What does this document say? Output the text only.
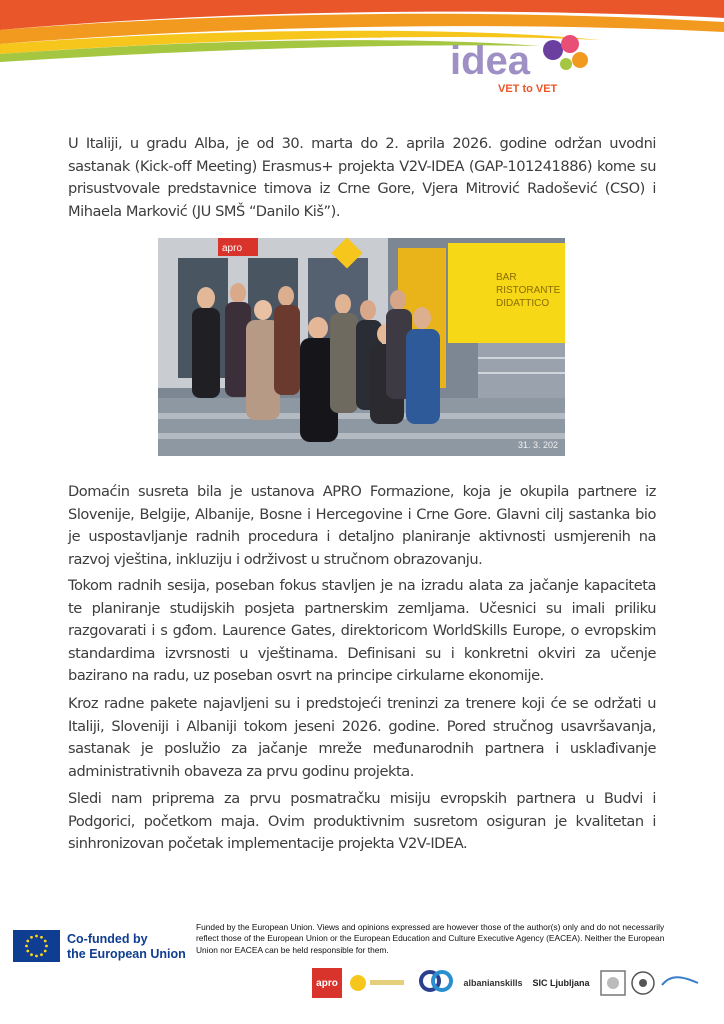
idea
VET to VET

U Italiji, u gradu Alba, je od 30. marta do 2. aprila 2026. godine održan uvodni sastanak (Kick-off Meeting) Erasmus+ projekta V2V-IDEA (GAP-101241886) kome su prisustvovale predstavnice timova iz Crne Gore, Vjera Mitrović Radošević (CSO) i Mihaela Marković (JU SMŠ “Danilo Kiš”).

apro
BAR
RISTORANTE
DIDATTICO
31. 3. 202

Domaćin susreta bila je ustanova APRO Formazione, koja je okupila partnere iz Slovenije, Belgije, Albanije, Bosne i Hercegovine i Crne Gore. Glavni cilj sastanka bio je uspostavljanje radnih procedura i detaljno planiranje aktivnosti usmjerenih na razvoj vještina, inkluziju i održivost u stručnom obrazovanju.

Tokom radnih sesija, poseban fokus stavljen je na izradu alata za jačanje kapaciteta te planiranje studijskih posjeta partnerskim zemljama. Učesnici su imali priliku razgovarati i s gđom. Laurence Gates, direktoricom WorldSkills Europe, o evropskim standardima izvrsnosti u vještinama. Definisani su i konkretni okviri za učenje bazirano na radu, uz poseban osvrt na principe cirkularne ekonomije.

Kroz radne pakete najavljeni su i predstojeći treninzi za trenere koji će se održati u Italiji, Sloveniji i Albaniji tokom jeseni 2026. godine. Pored stručnog usavršavanja, sastanak je poslužio za jačanje mreže međunarodnih partnera i usklađivanje administrativnih obaveza za prvu godinu projekta.

Sledi nam priprema za prvu posmatračku misiju evropskih partnera u Budvi i Podgorici, početkom maja. Ovim produktivnim susretom osiguran je kvalitetan i sinhronizovan početak implementacije projekta V2V-IDEA.

Co-funded by
the European Union

Funded by the European Union. Views and opinions expressed are however those of the author(s) only and do not necessarily reflect those of the European Union or the European Education and Culture Executive Agency (EACEA). Neither the European Union nor EACEA can be held responsible for them.

apro	albanianskills	SIC Ljubljana
